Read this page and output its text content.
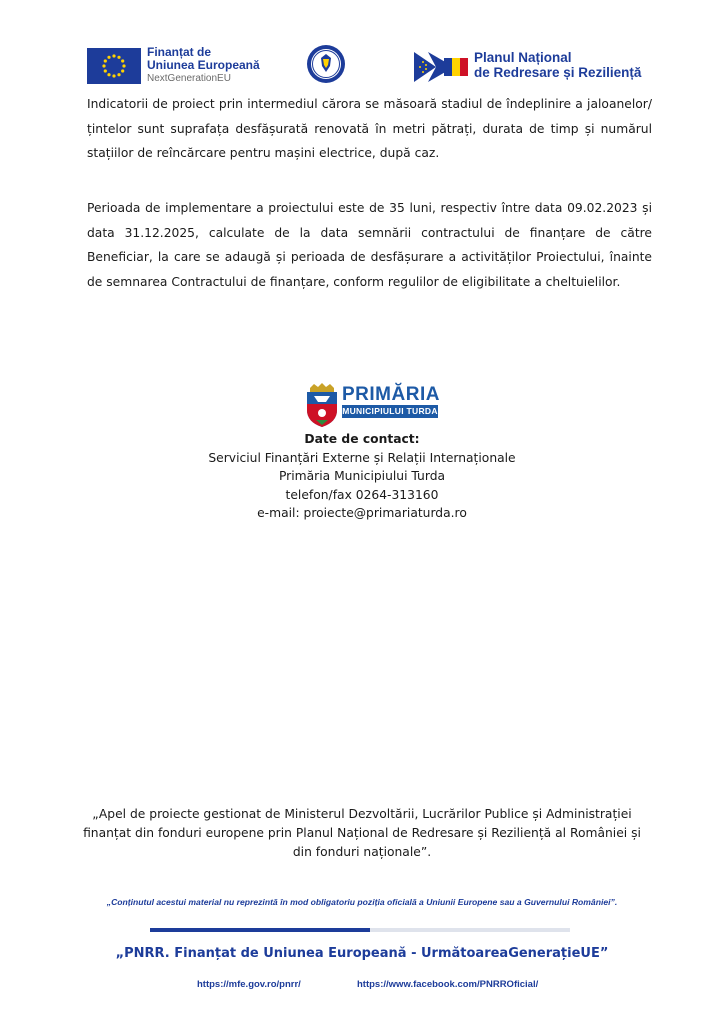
Finanțat de
Uniunea Europeană
NextGenerationEU
Planul Național
de Redresare și Reziliență
Indicatorii de proiect prin intermediul cărora se măsoară stadiul de îndeplinire a jaloanelor/țintelor sunt suprafața desfășurată renovată în metri pătrați, durata de timp și numărul stațiilor de reîncărcare pentru mașini electrice, după caz.
Perioada de implementare a proiectului este de 35 luni, respectiv între data 09.02.2023 și data 31.12.2025, calculate de la data semnării contractului de finanțare de către Beneficiar, la care se adaugă și perioada de desfășurare a activităților Proiectului, înainte de semnarea Contractului de finanțare, conform regulilor de eligibilitate a cheltuielilor.
PRIMĂRIA
MUNICIPIULUI TURDA
Date de contact:
Serviciul Finanțări Externe și Relații Internaționale
Primăria Municipiului Turda
telefon/fax 0264-313160
e-mail: proiecte@primariaturda.ro
„Apel de proiecte gestionat de Ministerul Dezvoltării, Lucrărilor Publice și Administrației finanțat din fonduri europene prin Planul Național de Redresare și Reziliență al României și din fonduri naționale”.
„Conținutul acestui material nu reprezintă în mod obligatoriu poziția oficială a Uniunii Europene sau a Guvernului României”.
„PNRR. Finanțat de Uniunea Europeană - UrmătoareaGenerațieUE”
https://mfe.gov.ro/pnrr/	https://www.facebook.com/PNRROficial/
